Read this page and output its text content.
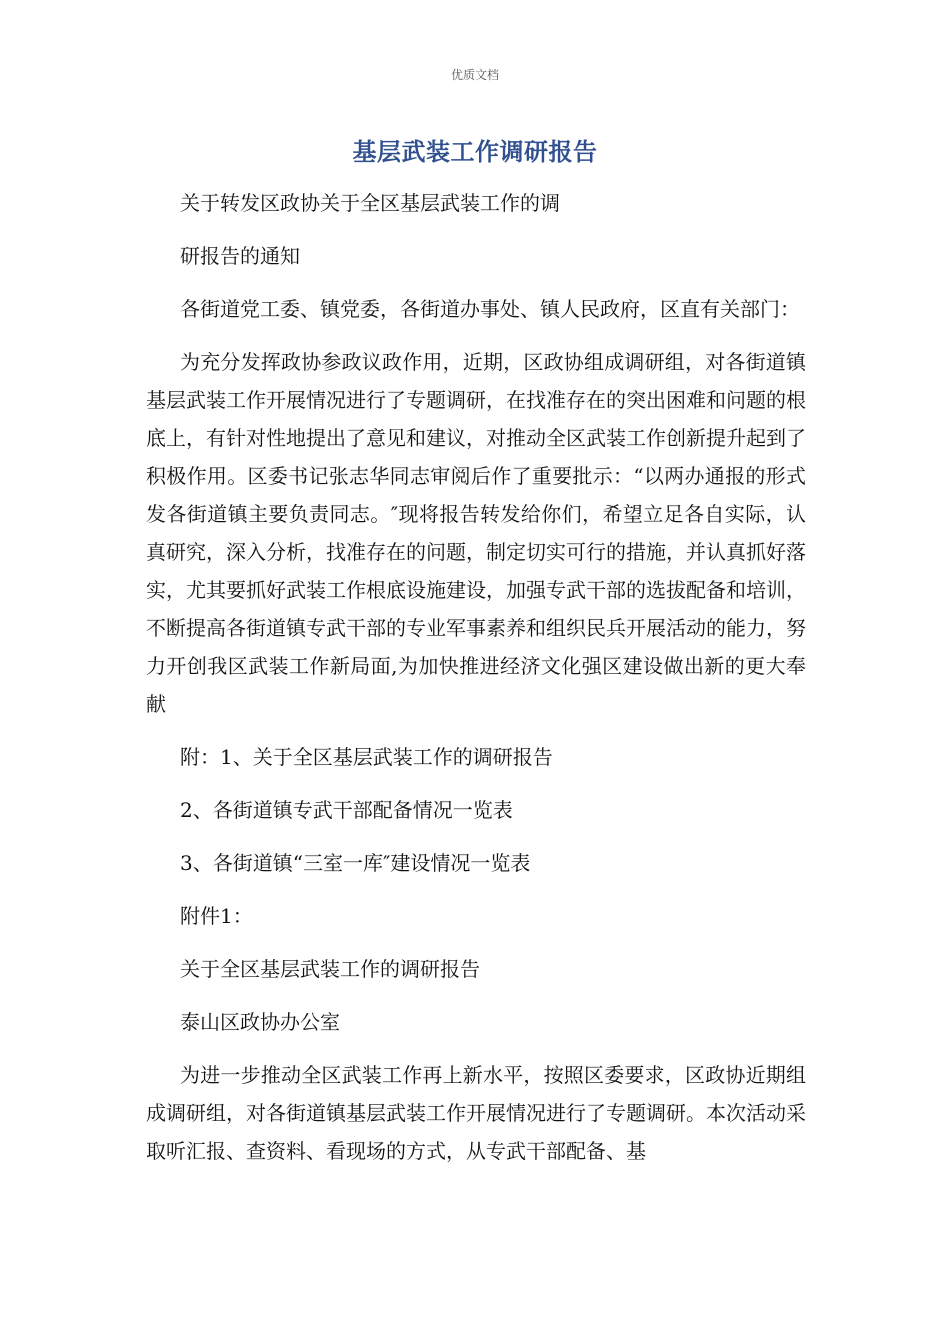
优质文档
基层武装工作调研报告

关于转发区政协关于全区基层武装工作的调

研报告的通知

各街道党工委、镇党委，各街道办事处、镇人民政府，区直有关部门：

为充分发挥政协参政议政作用，近期，区政协组成调研组，对各街道镇基层武装工作开展情况进行了专题调研，在找准存在的突出困难和问题的根底上，有针对性地提出了意见和建议，对推动全区武装工作创新提升起到了积极作用。区委书记张志华同志审阅后作了重要批示：“以两办通报的形式发各街道镇主要负责同志。″现将报告转发给你们，希望立足各自实际，认真研究，深入分析，找准存在的问题，制定切实可行的措施，并认真抓好落实，尤其要抓好武装工作根底设施建设，加强专武干部的选拔配备和培训，不断提高各街道镇专武干部的专业军事素养和组织民兵开展活动的能力，努力开创我区武装工作新局面,为加快推进经济文化强区建设做出新的更大奉献

附：1、关于全区基层武装工作的调研报告

2、各街道镇专武干部配备情况一览表

3、各街道镇“三室一库″建设情况一览表

附件1：

关于全区基层武装工作的调研报告

泰山区政协办公室

为进一步推动全区武装工作再上新水平，按照区委要求，区政协近期组成调研组，对各街道镇基层武装工作开展情况进行了专题调研。本次活动采取听汇报、查资料、看现场的方式，从专武干部配备、基
